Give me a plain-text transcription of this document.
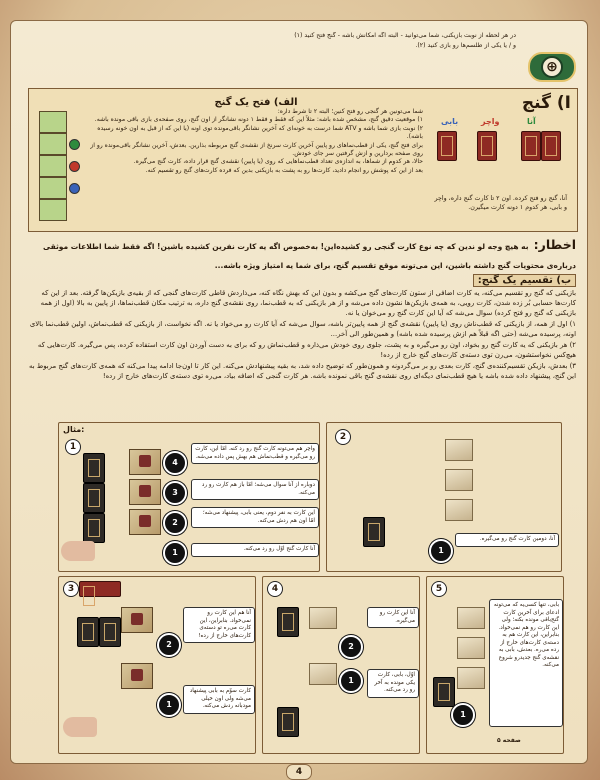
در هر لحظه از نوبت بازیکنی، شما می‌توانید - البته اگه امکانش باشه - گنج فتح کنید (۱)
و / یا یکی از طلسم‌ها رو بازی کنید (۲).
⊕
I) گنج
بابی	واچر	آنا
آنا، گنج رو فتح کرده. اون ۲ تا کارت گنج داره، واچر و بابی، هر کدوم ۱ دونه کارت میگیرن.
الف) فتح یک گنج

شما می‌تونین هر گنجی رو فتح کنین؛ البته ۲ تا شرط داره:

۱) موقعیت دقیق گنج، مشخص شده باشه: مثلاً این که فقط و فقط ۱ دونه نشانگر از اون گنج، روی صفحه‌ی بازی باقی مونده باشه.

۲) نوبت بازی شما باشه و ATV شما درست به خونه‌ای که آخرین نشانگر باقی‌مونده توی اونه (یا این که از قبل به اون خونه رسیده باشه).

برای فتح گنج، یکی از قطب‌نماهای رو پایین آخرین کارت سرنخ از نقشه‌ی گنج مربوطه بذارین. بعدش، آخرین نشانگر باقی‌مونده رو از روی صفحه بردارین و ازش گرفتین سر جای خودش.

حالا، هر کدوم از شماها، به اندازه‌ی تعداد قطب‌نماهایی که روی (یا پایین) نقشه‌ی گنج قرار داده، کارت گنج می‌گیره.

بعد از این که پوشش رو انجام دادید، کارت‌ها رو به پشت به بازیکنی بدین که فرد‌ه کارت‌های گنج رو تقسیم کنه.

اخطار: به هیچ وجه لو ندین که چه نوع کارت گنجی رو کشیده‌این! به‌خصوص اگه یه کارت نفرین کشیده باشین! اگه فقط شما اطلاعات موثقی درباره‌ی محتویات گنج داشته باشین، این می‌تونه موقع تقسیم گنج، برای شما یه امتیاز ویژه باشه...
ب) تقسیم یک گنج:

بازیکنی که گنج رو تقسیم می‌کنه، یه کارت اضافی از ستون کارت‌های گنج می‌کشه و بدون این که بهش نگاه کنه، می‌ذاردش قاطی کارت‌های گنجی که از بقیه‌ی بازیکن‌ها گرفته. بعد از این که کارت‌ها حسابی بُر زده شدن، کارت رویی، به همه‌ی بازیکن‌ها نشون داده می‌شه و از هر بازیکنی که به قطب‌نما، روی نقشه‌ی گنج داره، به ترتیب مکان قطب‌نماها، از پایین به بالا (اول از همه بازیکنی که گنج رو فتح کرده) سوال می‌شه که آیا این کارت گنج رو می‌خوان یا نه.

۱) اول از همه، از بازیکنی که قطب‌ناش روی (یا پایین) نقشه‌ی گنج از همه پایین‌تر باشه، سوال می‌شه که آیا کارت رو می‌خواد یا نه. اگه نخواست، از بازیکنی که قطب‌نماش، اولین قطب‌نما بالای اونه، پرسیده می‌شه (حتی اگه قبلاً هم ازش پرسیده شده باشه) و همین‌طور الی آخر...

۲) هر بازیکنی که یه کارت گنج رو بخواد، اون رو می‌گیره و به پشت، جلوی روی خودش می‌ذاره و قطب‌نماش رو که برای به دست آوردن اون کارت استفاده کرده، پس می‌گیره. کارت‌هایی که هیچ‌کس نخواستشون، می‌رن توی دسته‌ی کارت‌های گنج خارج از رده!

۳) بعدش، بازیکن تقسیم‌کننده‌ی گنج، کارت بعدی رو بر می‌گردونه و همون‌طور که توضیح داده شد، به بقیه پیشنهادش می‌کنه. این کار تا اون‌جا ادامه پیدا می‌کنه که همه‌ی کارت‌های گنج مربوط به این گنج، پیشنهاد داده شده باشه یا هیچ قطب‌نمای دیگه‌ای روی نقشه‌ی گنج باقی نمونده باشه. هر کارت گنجی که اضافه بیاد، می‌ره توی دسته‌ی کارت‌های خارج از رده!

مثال:
1
4
3
2
1
واچر هم می‌تونه کارت گنج رو رد کنه. امّا این، کارت رو می‌گیره و قطب‌نماش هم بهش پس داده می‌شه.
دوباره از آنا سوال می‌شه؛ امّا باز هم کارت رو رد می‌کنه.
این کارت به نفر دوم، یعنی بابی، پیشنهاد می‌شه؛ امّا اون هم ردش می‌کنه.
آنا کارت گنج اوّل رو رد می‌کنه.
2
1
آنا، دومین کارت گنج رو می‌گیره.
3
2
1
آنا هم این کارت رو نمی‌خواد. بنابراین، این کارت می‌ره تو دسته‌ی کارت‌های خارج از رده!
کارت سوّم به بابی پیشنهاد می‌شه ولی اون خیلی مودبانه ردش می‌کنه.
4
2
1
آنا این کارت رو می‌گیره.
اوّل، بابی، کارت یکی مونده به آخر رو رد می‌کنه.
5
1
بابی، تنها کسی‌یه که می‌تونه ادعای برای آخرین کارت گنج‌باقی مونده بکنه؛ ولی این کارت رو هم نمی‌خواد. بنابراین، این کارت هم به دسته‌ی کارت‌های خارج از رده می‌ره. بعدش، بابی به نقشه‌ی گنج جدیدرو شروع می‌کنه.
صفحه ۵
4
